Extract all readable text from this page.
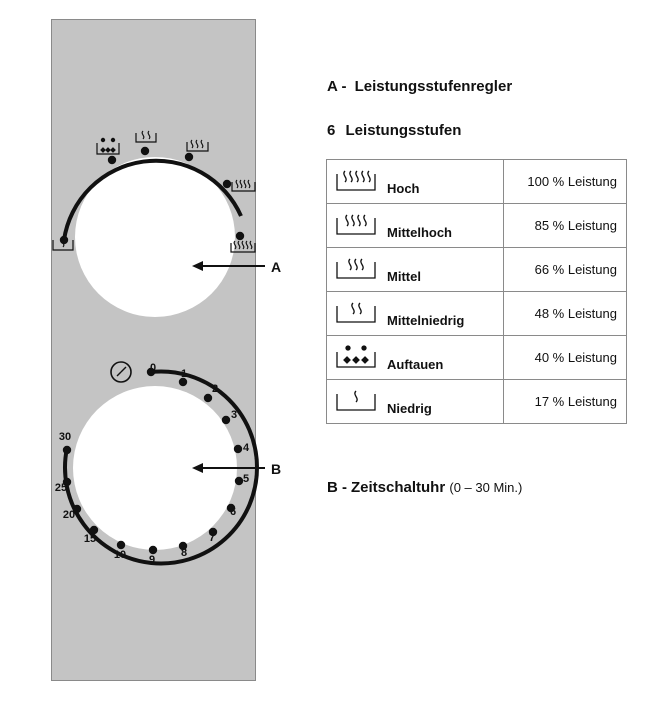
A
0 1
2
3
4
5
6
7
8
9
10
15
20
25
30
B
A - Leistungsstufenregler
6 Leistungsstufen
Hoch	100 % Leistung

Mittelhoch	85 % Leistung

Mittel	66 % Leistung

Mittelniedrig	48 % Leistung

Auftauen	40 % Leistung

Niedrig	17 % Leistung
B - Zeitschaltuhr (0 – 30 Min.)
